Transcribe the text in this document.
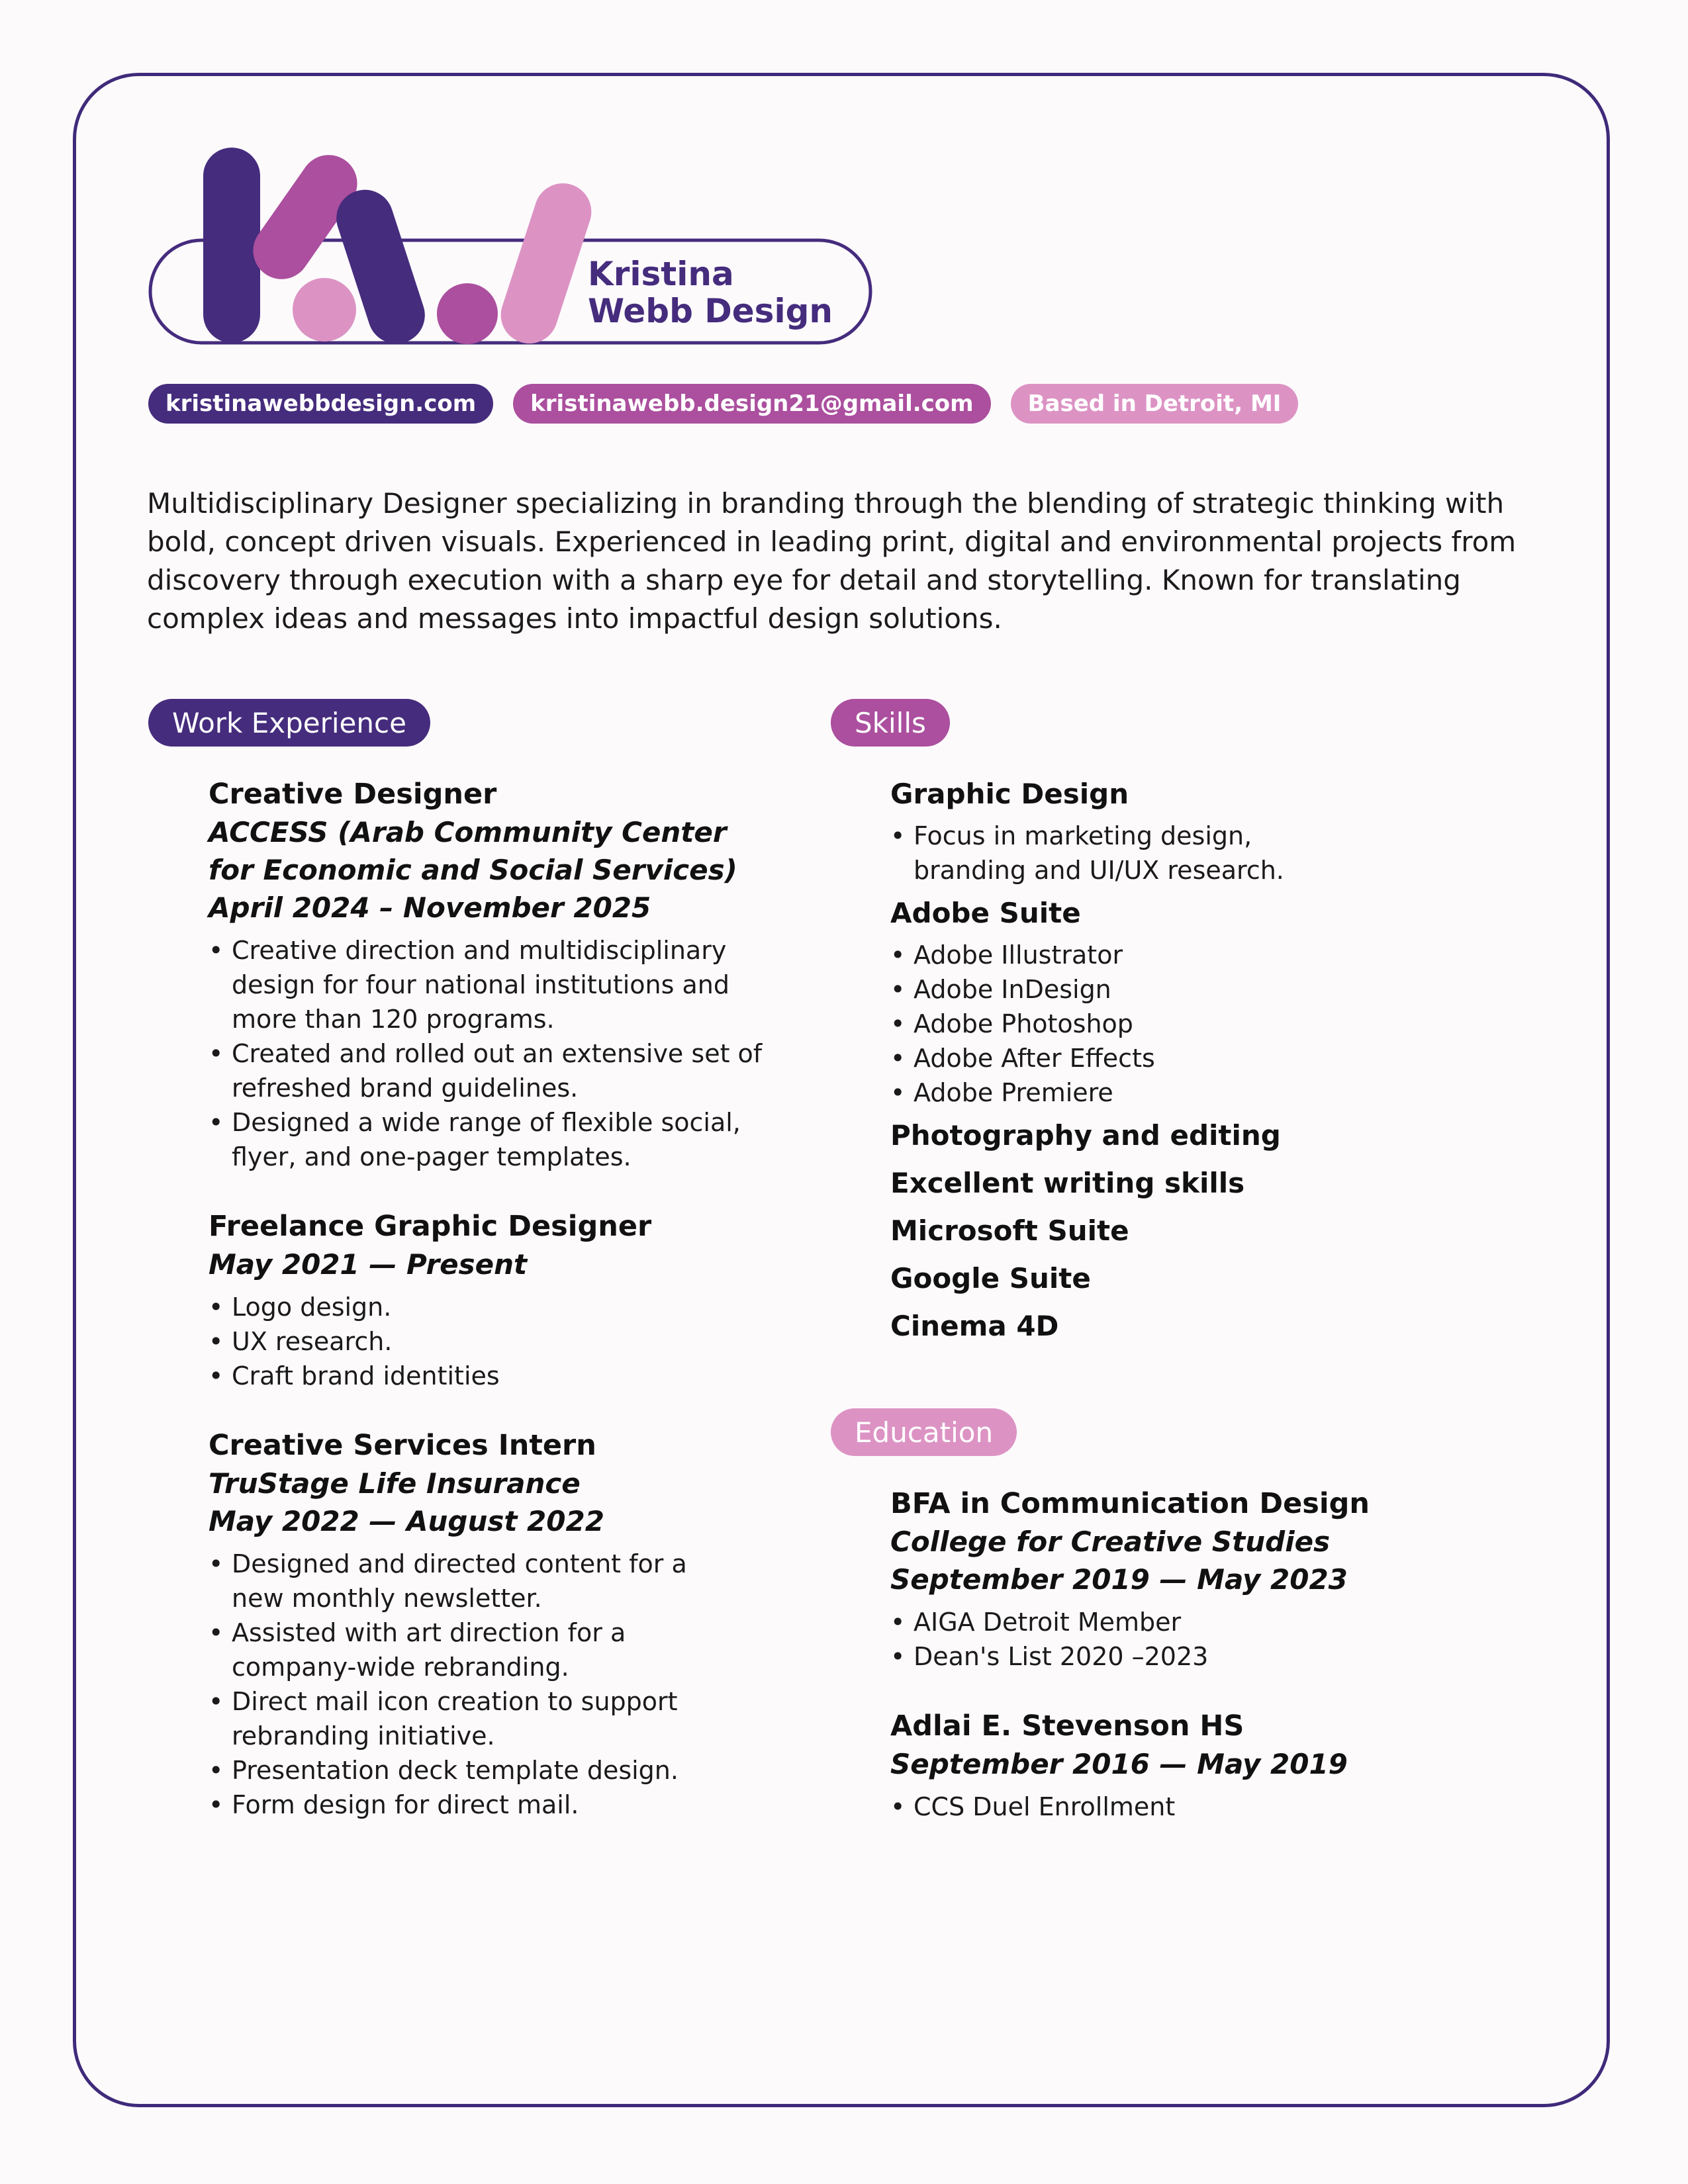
Kristina
Webb Design
kristinawebbdesign.com	kristinawebb.design21@gmail.com	Based in Detroit, MI
Multidisciplinary Designer specializing in branding through the blending of strategic thinking with bold, concept driven visuals. Experienced in leading print, digital and environmental projects from discovery through execution with a sharp eye for detail and storytelling. Known for translating complex ideas and messages into impactful design solutions.
Work Experience	Skills
Education
Creative Designer
ACCESS (Arab Community Center
for Economic and Social Services)
April 2024 – November 2025
• Creative direction and multidisciplinary design for four national institutions and more than 120 programs.
• Created and rolled out an extensive set of refreshed brand guidelines.
• Designed a wide range of flexible social, flyer, and one-pager templates.
Freelance Graphic Designer
May 2021 — Present
• Logo design.
• UX research.
• Craft brand identities
Creative Services Intern
TruStage Life Insurance
May 2022 — August 2022
• Designed and directed content for a new monthly newsletter.
• Assisted with art direction for a company-wide rebranding.
• Direct mail icon creation to support rebranding initiative.
• Presentation deck template design.
• Form design for direct mail.
Graphic Design
• Focus in marketing design, branding and UI/UX research.
Adobe Suite
• Adobe Illustrator
• Adobe InDesign
• Adobe Photoshop
• Adobe After Effects
• Adobe Premiere
Photography and editing
Excellent writing skills
Microsoft Suite
Google Suite
Cinema 4D
BFA in Communication Design
College for Creative Studies
September 2019 — May 2023
• AIGA Detroit Member
• Dean's List 2020 –2023
Adlai E. Stevenson HS
September 2016 — May 2019
• CCS Duel Enrollment
